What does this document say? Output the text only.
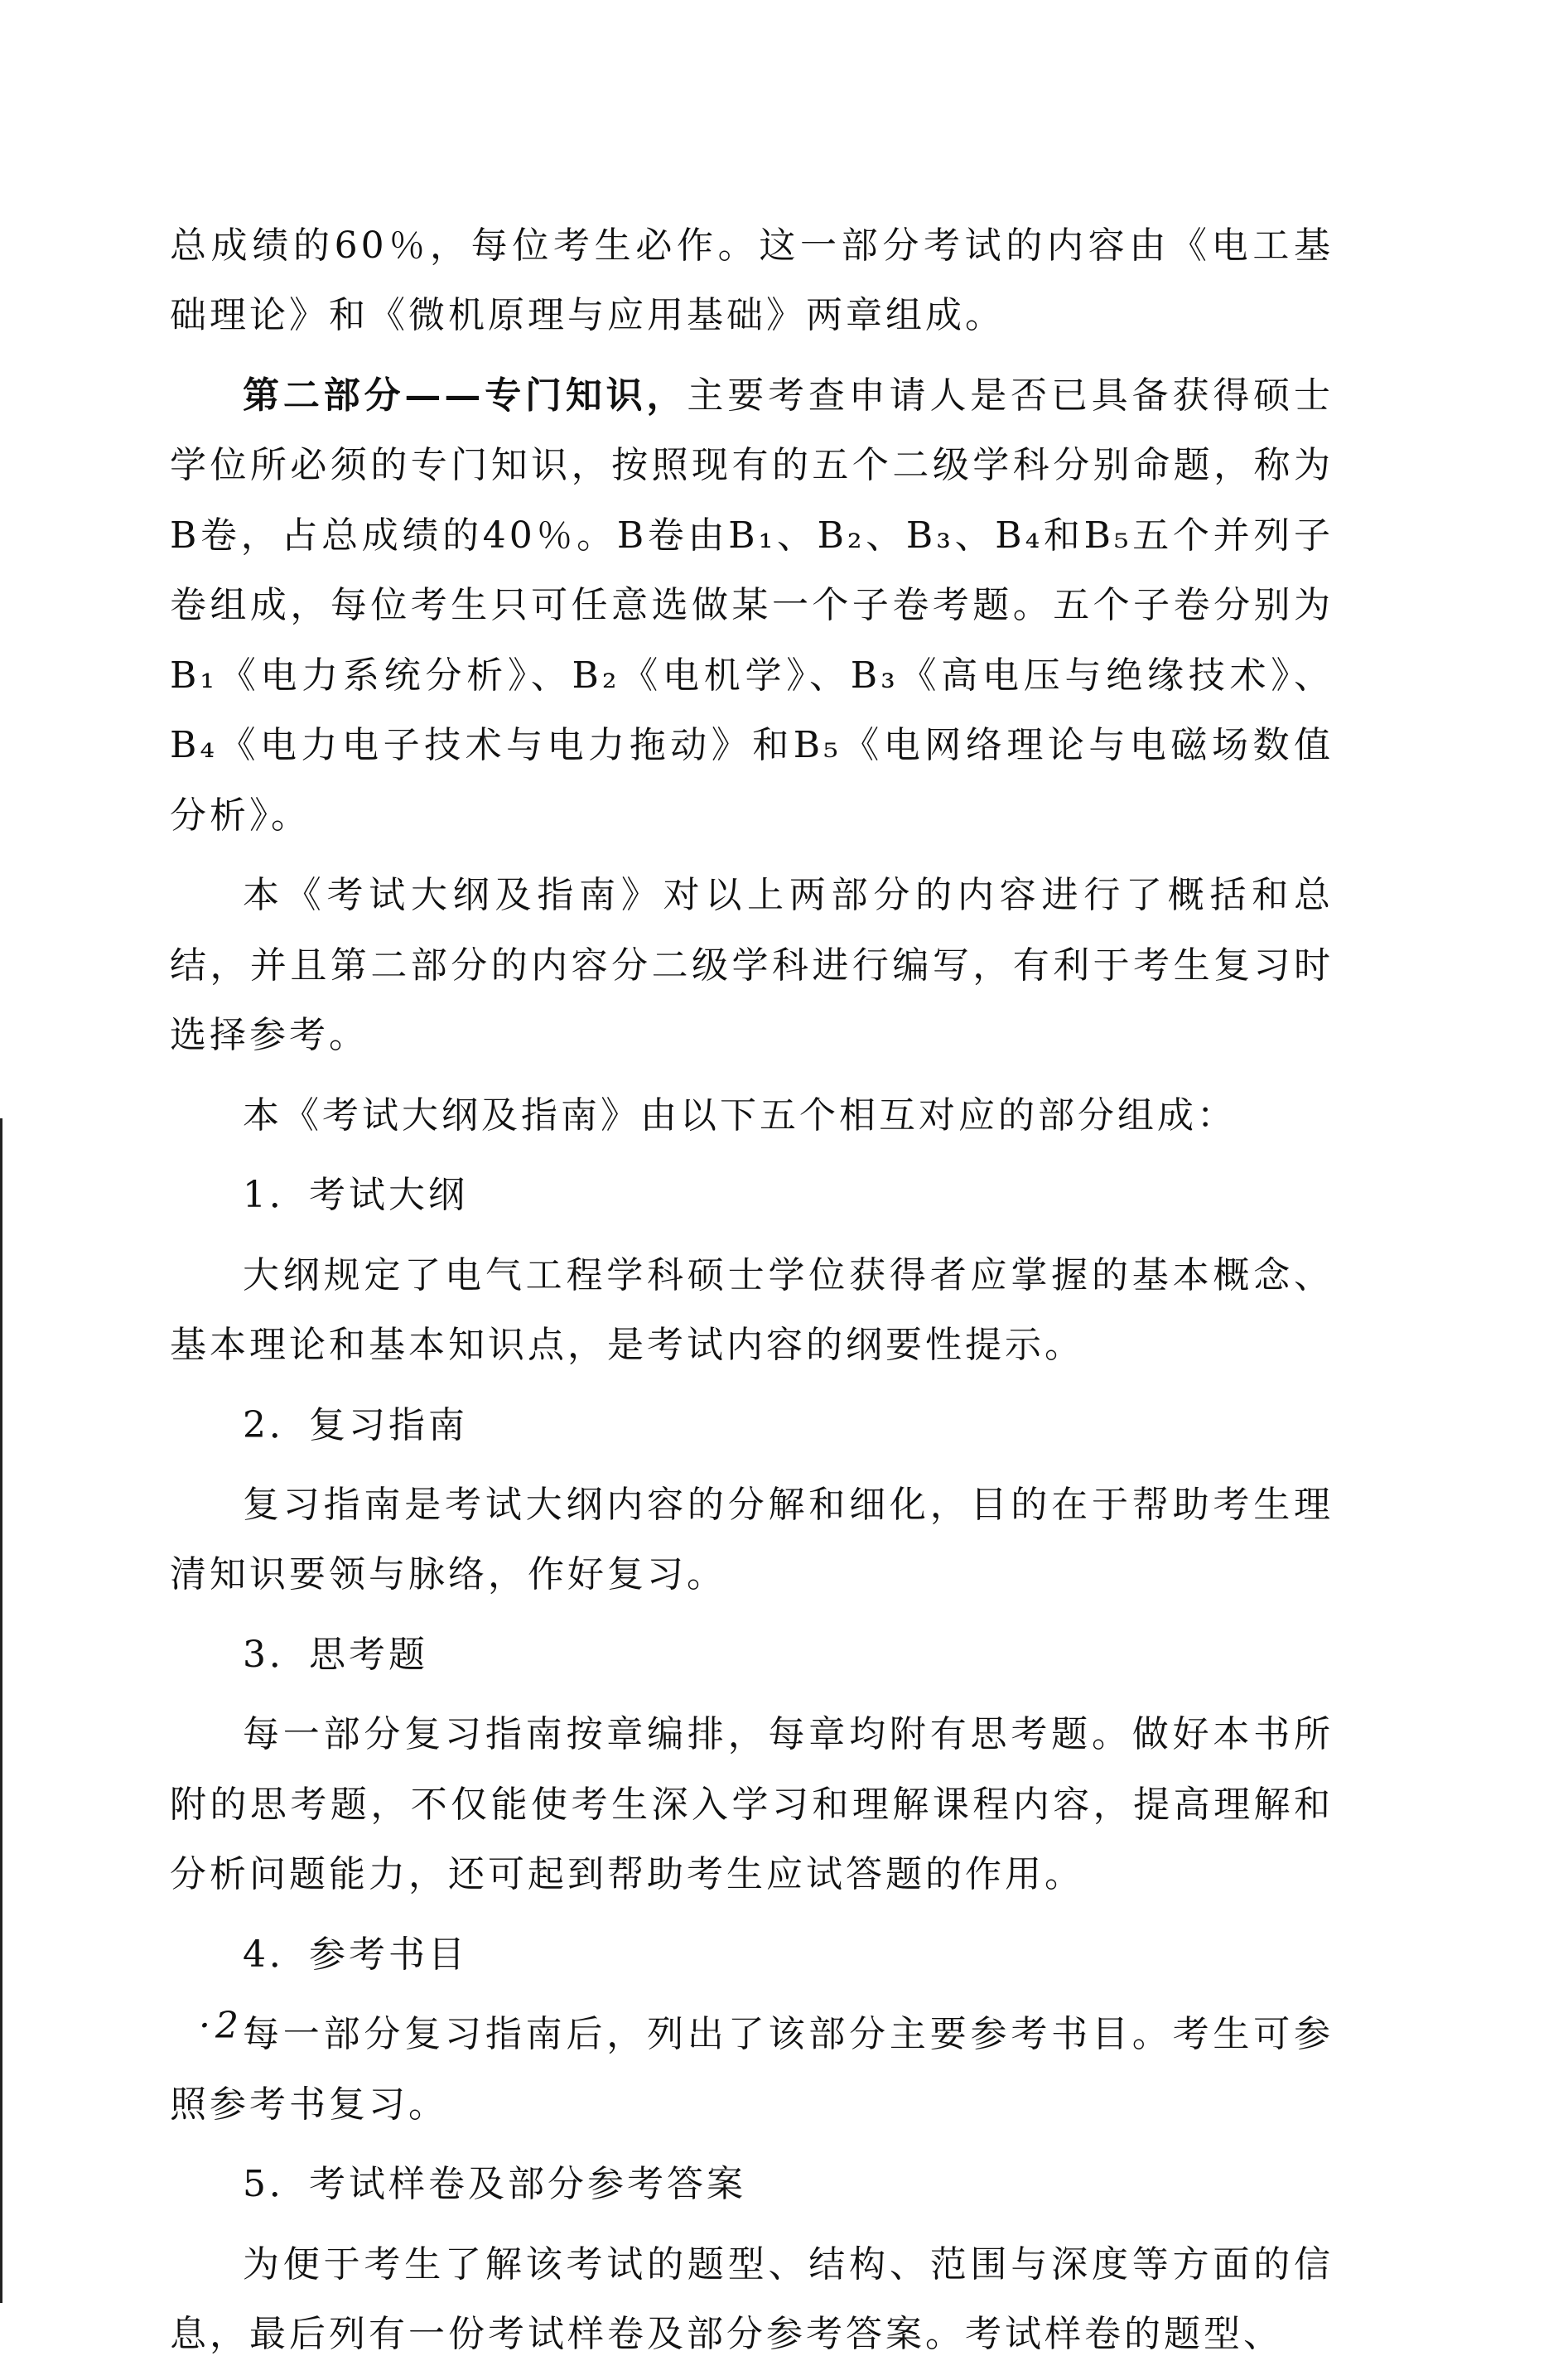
总成绩的60％，每位考生必作。这一部分考试的内容由《电工基础理论》和《微机原理与应用基础》两章组成。

第二部分——专门知识，主要考查申请人是否已具备获得硕士学位所必须的专门知识，按照现有的五个二级学科分别命题，称为B卷，占总成绩的40％。B卷由B₁、B₂、B₃、B₄和B₅五个并列子卷组成，每位考生只可任意选做某一个子卷考题。五个子卷分别为B₁《电力系统分析》、B₂《电机学》、B₃《高电压与绝缘技术》、B₄《电力电子技术与电力拖动》和B₅《电网络理论与电磁场数值分析》。

本《考试大纲及指南》对以上两部分的内容进行了概括和总结，并且第二部分的内容分二级学科进行编写，有利于考生复习时选择参考。

本《考试大纲及指南》由以下五个相互对应的部分组成：

1．考试大纲

大纲规定了电气工程学科硕士学位获得者应掌握的基本概念、基本理论和基本知识点，是考试内容的纲要性提示。

2．复习指南

复习指南是考试大纲内容的分解和细化，目的在于帮助考生理清知识要领与脉络，作好复习。

3．思考题

每一部分复习指南按章编排，每章均附有思考题。做好本书所附的思考题，不仅能使考生深入学习和理解课程内容，提高理解和分析问题能力，还可起到帮助考生应试答题的作用。

4．参考书目

每一部分复习指南后，列出了该部分主要参考书目。考生可参照参考书复习。

5．考试样卷及部分参考答案

为便于考生了解该考试的题型、结构、范围与深度等方面的信息，最后列有一份考试样卷及部分参考答案。考试样卷的题型、

·2·
